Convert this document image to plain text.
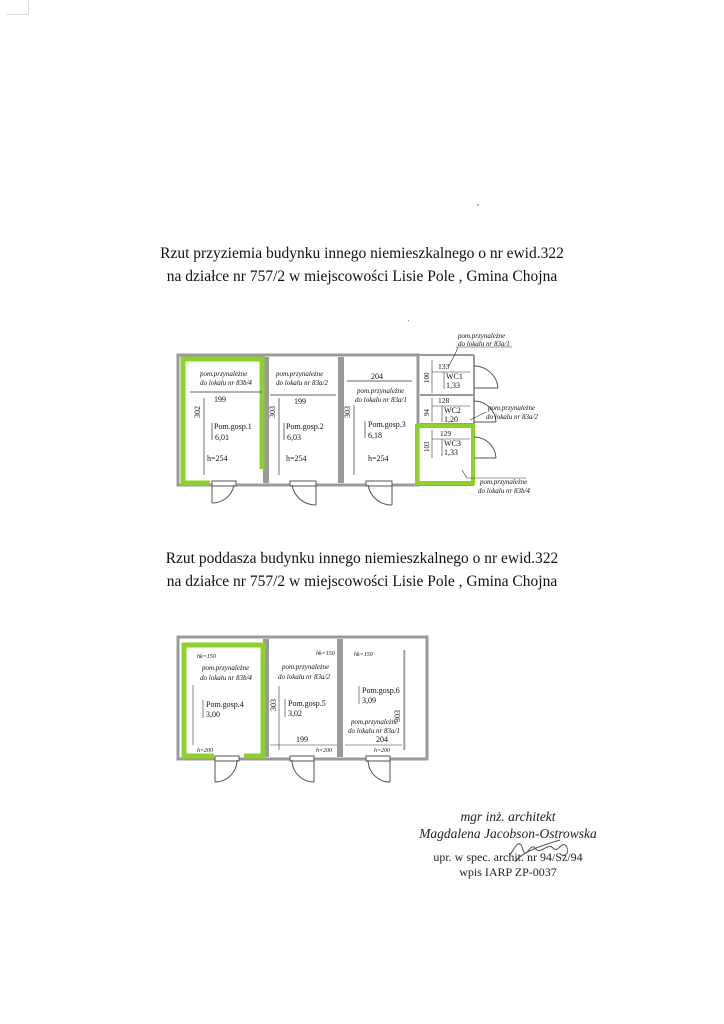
Rzut przyziemia budynku innego niemieszkalnego o nr ewid.322
na działce nr 757/2 w miejscowości Lisie Pole , Gmina Chojna
Rzut poddasza budynku innego niemieszkalnego o nr ewid.322
na działce nr 757/2 w miejscowości Lisie Pole , Gmina Chojna
pom.przynależne
do lokalu nr 83b/4
199
302
Pom.gosp.1
6,01
h=254
pom.przynależne
do lokalu nr 83a/2
199
303
Pom.gosp.2
6,03
h=254
204
pom.przynależne
do lokalu nr 83a/1
303
Pom.gosp.3
6,18
h=254
133
100 WC1
1,33
128
94 WC2
1,20
129
103 WC3
1,33
pom.przynależne
do lokalu nr 83a/1
pom.przynależne
do lokalu nr 83a/2
pom.przynależne
do lokalu nr 83b/4
,
'
hk=150
pom.przynależne
do lokalu nr 83b/4
Pom.gosp.4
3,00
h=200
hk=150
pom.przynależne
do lokalu nr 83a/2
303 Pom.gosp.5
3,02
199
h=200
hk=150
Pom.gosp.6
3,09
pom.przynależne
do lokalu nr 83a/1
204
303
h=200
mgr inż. architekt
Magdalena Jacobson-Ostrowska
upr. w spec. archit. nr 94/Sz/94
wpis IARP ZP-0037
